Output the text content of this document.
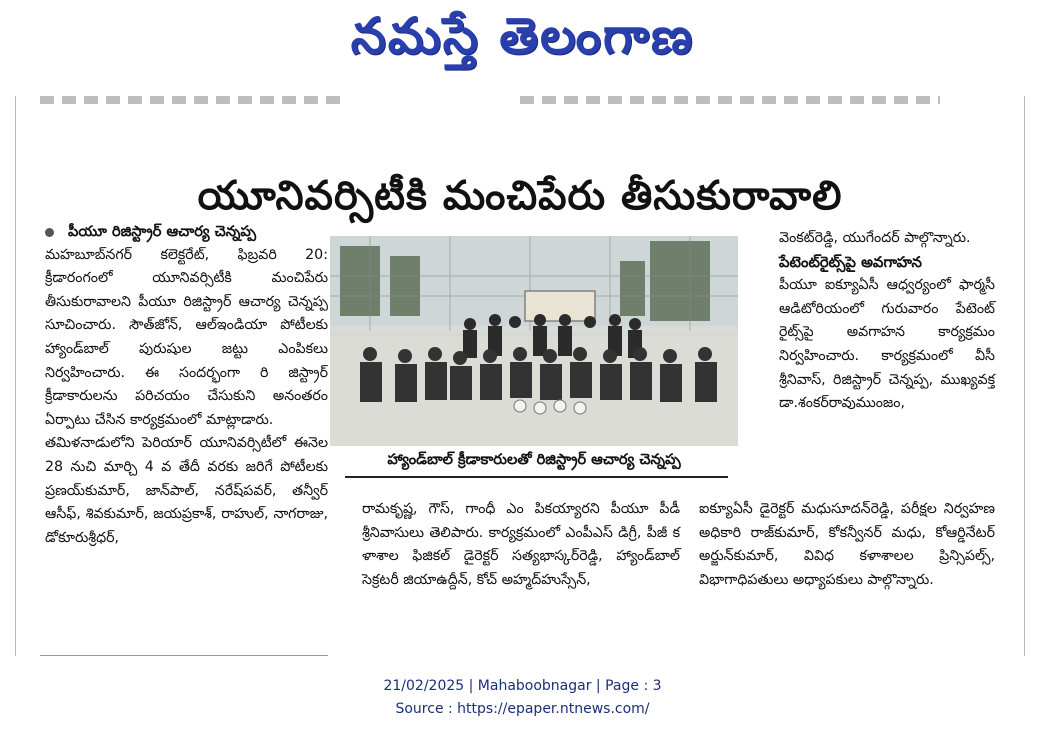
నమస్తే తెలంగాణ
యూనివర్సిటీకి మంచిపేరు తీసుకురావాలి

పీయూ రిజిస్ట్రార్ ఆచార్య చెన్నప్ప

మహబూబ్‌నగర్ కలెక్టరేట్, ఫిబ్రవరి 20: క్రీడారంగంలో యూనివర్సిటీకి మంచిపేరు తీసుకురావాలని పీయూ రిజిస్ట్రార్ ఆచార్య చెన్నప్ప సూచించారు. సౌత్‌జోన్, ఆల్‌ఇండియా పోటీలకు హ్యాండ్‌బాల్ పురుషుల జట్టు ఎంపికలు నిర్వహించారు. ఈ సందర్భంగా రి జిస్ట్రార్ క్రీడాకారులను పరిచయం చేసుకుని అనంతరం ఏర్పాటు చేసిన కార్యక్రమంలో మాట్లాడారు.

తమిళనాడులోని పెరియార్ యూనివర్సిటీలో ఈనెల 28 నుచి మార్చి 4 వ తేదీ వరకు జరిగే పోటీలకు ప్రణయ్‌కుమార్, జాన్‌పాల్, నరేష్‌పవర్, తన్వీర్ ఆసీఫ్, శివకుమార్, జయప్రకాశ్, రాహుల్, నాగరాజు, డోకూరుశ్రీధర్,

హ్యాండ్‌బాల్ క్రీడాకారులతో రిజిస్ట్రార్ ఆచార్య చెన్నప్ప

రామకృష్ణ, గౌస్, గాంధీ ఎం పికయ్యారని పీయూ పీడీ శ్రీనివాసులు తెలిపారు. కార్యక్రమంలో ఎంపీఎస్ డిగ్రీ, పీజీ క ళాశాల ఫిజికల్ డైరెక్టర్ సత్యభాస్కర్‌రెడ్డి, హ్యాండ్‌బాల్ సెక్రటరీ జియాఉద్దీన్, కోచ్ అహ్మద్‌హుస్సేన్,

వెంకట్‌రెడ్డి, యుగేందర్ పాల్గొన్నారు.

పేటెంట్‌రైట్స్‌పై అవగాహన

పీయూ ఐక్యూఏసీ ఆధ్వర్యంలో ఫార్మసీ ఆడిటోరియంలో గురువారం పేటెంట్ రైట్స్‌పై అవగాహన కార్యక్రమం నిర్వహించారు. కార్యక్రమంలో వీసీ శ్రీనివాస్, రిజిస్ట్రార్ చెన్నప్ప, ముఖ్యవక్త డా.శంకర్‌రావుముంజం,

ఐక్యూఏసీ డైరెక్టర్ మధుసూదన్‌రెడ్డి, పరీక్షల నిర్వహణ అధికారి రాజ్‌కుమార్, కోకన్వీనర్ మధు, కోఆర్డినేటర్ అర్జున్‌కుమార్, వివిధ కళాశాలల ప్రిన్సిపల్స్, విభాగాధిపతులు అధ్యాపకులు పాల్గొన్నారు.

21/02/2025 | Mahaboobnagar | Page : 3
Source : https://epaper.ntnews.com/
